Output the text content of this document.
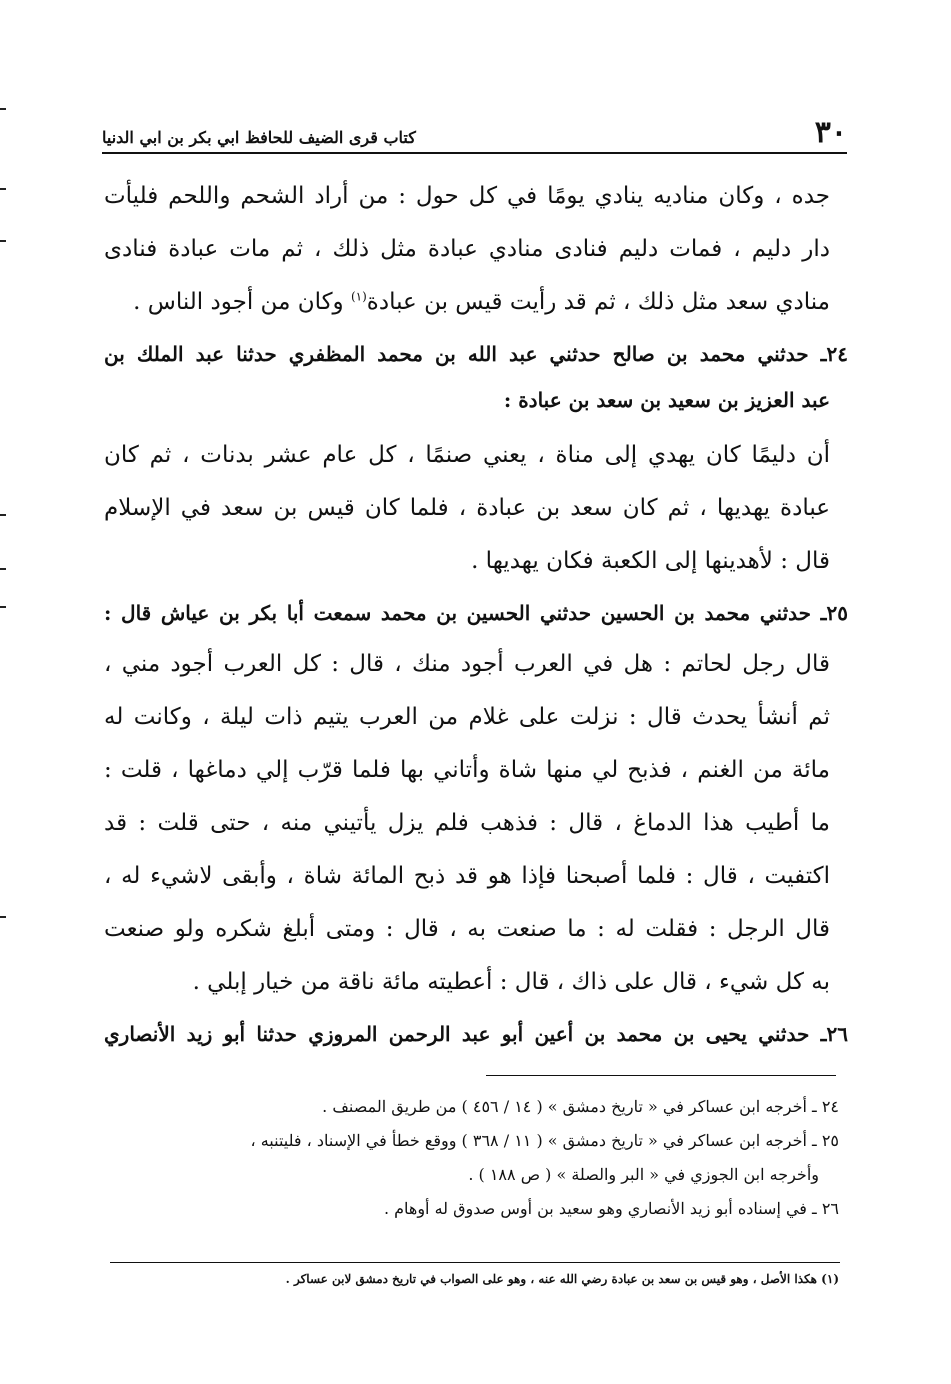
٣٠
كتاب قرى الضيف للحافظ ابي بكر بن ابي الدنيا
جده ، وكان مناديه ينادي يومًا في كل حول : من أراد الشحم واللحم فليأت
دار دليم ، فمات دليم فنادى منادي عبادة مثل ذلك ، ثم مات عبادة فنادى
منادي سعد مثل ذلك ، ثم قد رأيت قيس بن عبادة$^{(١)}$ وكان من أجود الناس .
٢٤ـ حدثني محمد بن صالح حدثني عبد الله بن محمد المظفري حدثنا عبد الملك بن
عبد العزيز بن سعيد بن سعد بن عبادة :
أن دليمًا كان يهدي إلى مناة ، يعني صنمًا ، كل عام عشر بدنات ، ثم كان
عبادة يهديها ، ثم كان سعد بن عبادة ، فلما كان قيس بن سعد في الإسلام
قال : لأهدينها إلى الكعبة فكان يهديها .
٢٥ـ حدثني محمد بن الحسين حدثني الحسين بن محمد سمعت أبا بكر بن عياش قال :
قال رجل لحاتم : هل في العرب أجود منك ، قال : كل العرب أجود مني ،
ثم أنشأ يحدث قال : نزلت على غلام من العرب يتيم ذات ليلة ، وكانت له
مائة من الغنم ، فذبح لي منها شاة وأتاني بها فلما قرّب إلي دماغها ، قلت :
ما أطيب هذا الدماغ ، قال : فذهب فلم يزل يأتيني منه ، حتى قلت : قد
اكتفيت ، قال : فلما أصبحنا فإذا هو قد ذبح المائة شاة ، وأبقى لاشيء له ،
قال الرجل : فقلت له : ما صنعت به ، قال : ومتى أبلغ شكره ولو صنعت
به كل شيء ، قال على ذاك ، قال : أعطيته مائة ناقة من خيار إبلي .
٢٦ـ حدثني يحيى بن محمد بن أعين أبو عبد الرحمن المروزي حدثنا أبو زيد الأنصاري
٢٤ ـ أخرجه ابن عساكر في « تاريخ دمشق » ( ١٤ / ٤٥٦ ) من طريق المصنف .
٢٥ ـ أخرجه ابن عساكر في « تاريخ دمشق » ( ١١ / ٣٦٨ ) ووقع خطأ في الإسناد ، فليتنبه ،
وأخرجه ابن الجوزي في « البر والصلة » ( ص ١٨٨ ) .
٢٦ ـ في إسناده أبو زيد الأنصاري وهو سعيد بن أوس صدوق له أوهام .
(١) هكذا الأصل ، وهو قيس بن سعد بن عبادة رضي الله عنه ، وهو على الصواب في تاريخ دمشق لابن عساكر .
